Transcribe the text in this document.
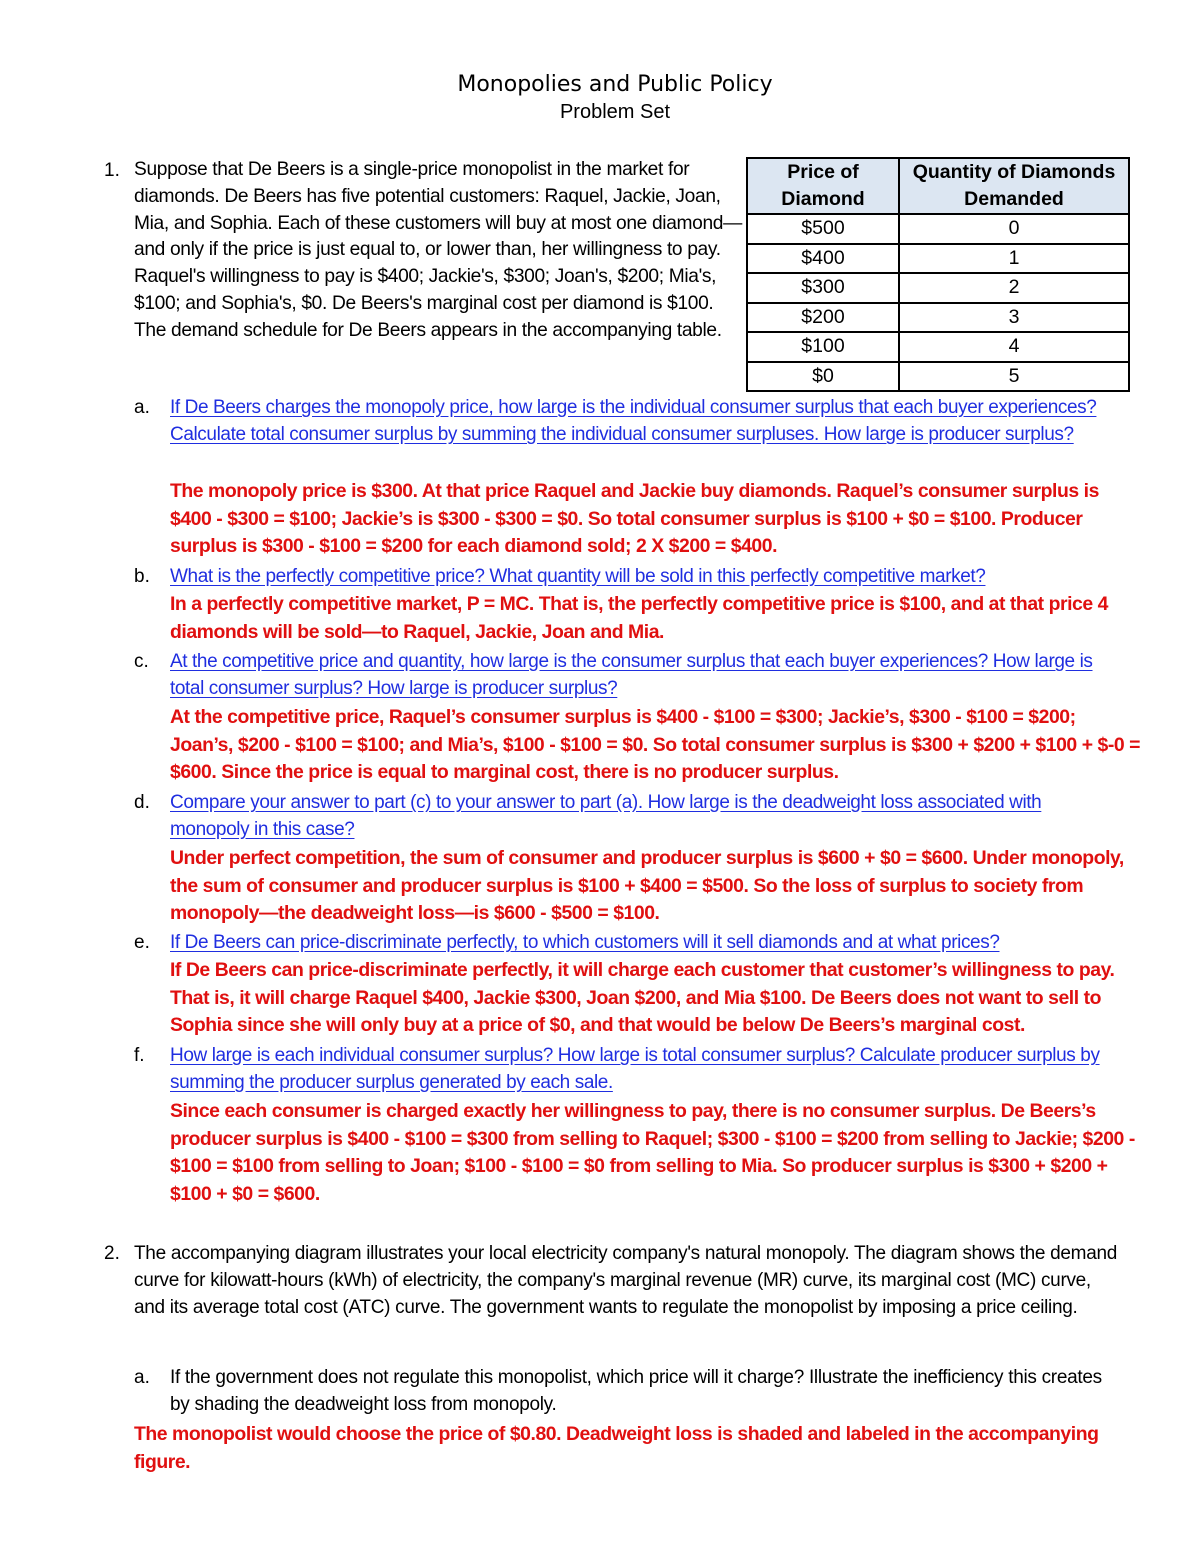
Monopolies and Public Policy
Problem Set
1. Suppose that De Beers is a single-price monopolist in the market for diamonds. De Beers has five potential customers: Raquel, Jackie, Joan, Mia, and Sophia. Each of these customers will buy at most one diamond—and only if the price is just equal to, or lower than, her willingness to pay. Raquel's willingness to pay is $400; Jackie's, $300; Joan's, $200; Mia's, $100; and Sophia's, $0. De Beers's marginal cost per diamond is $100. The demand schedule for De Beers appears in the accompanying table.
Price of Diamond	Quantity of Diamonds Demanded
$500	0
$400	1
$300	2
$200	3
$100	4
$0	5
a. If De Beers charges the monopoly price, how large is the individual consumer surplus that each buyer experiences? Calculate total consumer surplus by summing the individual consumer surpluses. How large is producer surplus?
The monopoly price is $300. At that price Raquel and Jackie buy diamonds. Raquel’s consumer surplus is $400 - $300 = $100; Jackie’s is $300 - $300 = $0. So total consumer surplus is $100 + $0 = $100. Producer surplus is $300 - $100 = $200 for each diamond sold; 2 X $200 = $400.
b. What is the perfectly competitive price? What quantity will be sold in this perfectly competitive market?
In a perfectly competitive market, P = MC. That is, the perfectly competitive price is $100, and at that price 4 diamonds will be sold—to Raquel, Jackie, Joan and Mia.
c. At the competitive price and quantity, how large is the consumer surplus that each buyer experiences? How large is total consumer surplus? How large is producer surplus?
At the competitive price, Raquel’s consumer surplus is $400 - $100 = $300; Jackie’s, $300 - $100 = $200; Joan’s, $200 - $100 = $100; and Mia’s, $100 - $100 = $0. So total consumer surplus is $300 + $200 + $100 + $-0 = $600. Since the price is equal to marginal cost, there is no producer surplus.
d. Compare your answer to part (c) to your answer to part (a). How large is the deadweight loss associated with monopoly in this case?
Under perfect competition, the sum of consumer and producer surplus is $600 + $0 = $600. Under monopoly, the sum of consumer and producer surplus is $100 + $400 = $500. So the loss of surplus to society from monopoly—the deadweight loss—is $600 - $500 = $100.
e. If De Beers can price-discriminate perfectly, to which customers will it sell diamonds and at what prices?
If De Beers can price-discriminate perfectly, it will charge each customer that customer’s willingness to pay. That is, it will charge Raquel $400, Jackie $300, Joan $200, and Mia $100. De Beers does not want to sell to Sophia since she will only buy at a price of $0, and that would be below De Beers’s marginal cost.
f. How large is each individual consumer surplus? How large is total consumer surplus? Calculate producer surplus by summing the producer surplus generated by each sale.
Since each consumer is charged exactly her willingness to pay, there is no consumer surplus. De Beers’s producer surplus is $400 - $100 = $300 from selling to Raquel; $300 - $100 = $200 from selling to Jackie; $200 - $100 = $100 from selling to Joan; $100 - $100 = $0 from selling to Mia. So producer surplus is $300 + $200 + $100 + $0 = $600.
2. The accompanying diagram illustrates your local electricity company's natural monopoly. The diagram shows the demand curve for kilowatt-hours (kWh) of electricity, the company's marginal revenue (MR) curve, its marginal cost (MC) curve, and its average total cost (ATC) curve. The government wants to regulate the monopolist by imposing a price ceiling.
a. If the government does not regulate this monopolist, which price will it charge? Illustrate the inefficiency this creates by shading the deadweight loss from monopoly.
The monopolist would choose the price of $0.80. Deadweight loss is shaded and labeled in the accompanying figure.
